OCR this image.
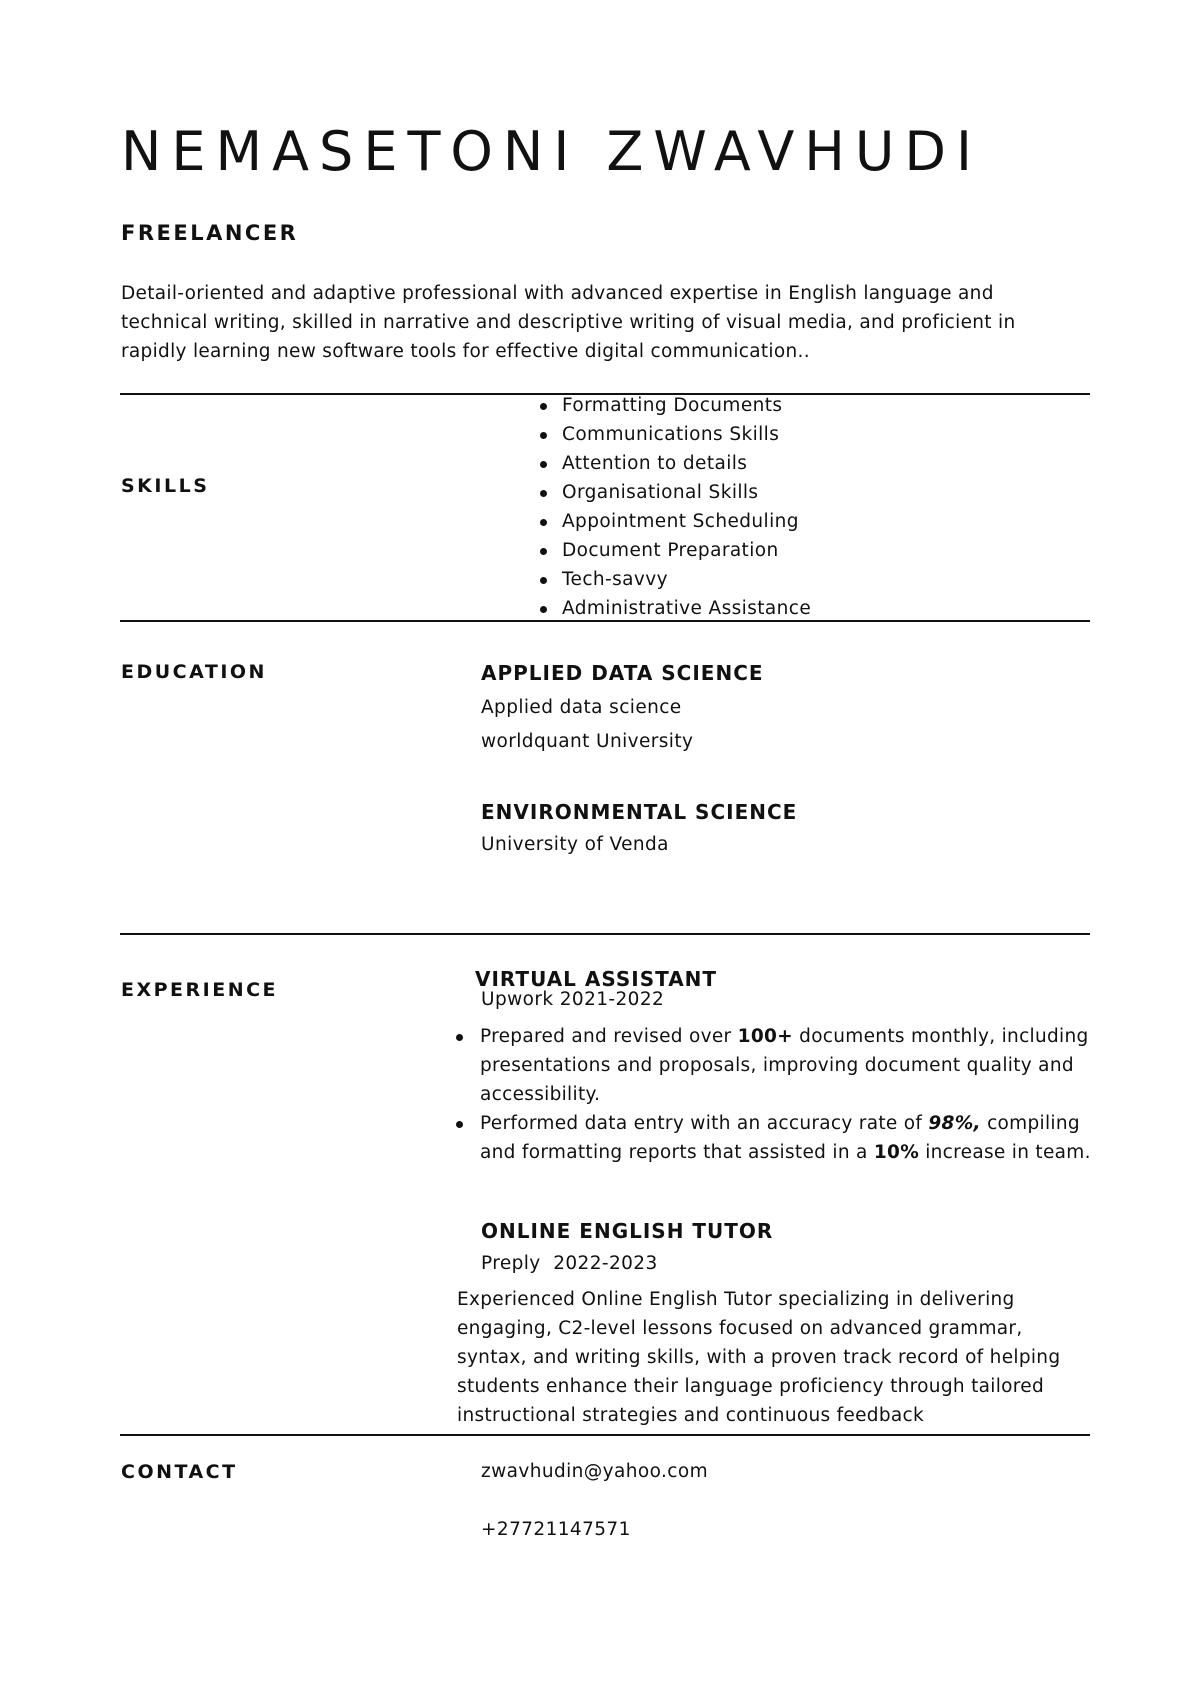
NEMASETONI ZWAVHUDI
FREELANCER
Detail-oriented and adaptive professional with advanced expertise in English language and technical writing, skilled in narrative and descriptive writing of visual media, and proficient in rapidly learning new software tools for effective digital communication..
SKILLS
Formatting Documents
Communications Skills
Attention to details
Organisational Skills
Appointment Scheduling
Document Preparation
Tech-savvy
Administrative Assistance
EDUCATION	APPLIED DATA SCIENCE
Applied data science
worldquant University
ENVIRONMENTAL SCIENCE
University of Venda
EXPERIENCE	VIRTUAL ASSISTANT
Upwork 2021-2022
Prepared and revised over 100+ documents monthly, including presentations and proposals, improving document quality and accessibility.
Performed data entry with an accuracy rate of 98%, compiling and formatting reports that assisted in a 10% increase in team.
ONLINE ENGLISH TUTOR
Preply  2022-2023
Experienced Online English Tutor specializing in delivering engaging, C2-level lessons focused on advanced grammar, syntax, and writing skills, with a proven track record of helping students enhance their language proficiency through tailored instructional strategies and continuous feedback
CONTACT	zwavhudin@yahoo.com
+27721147571
